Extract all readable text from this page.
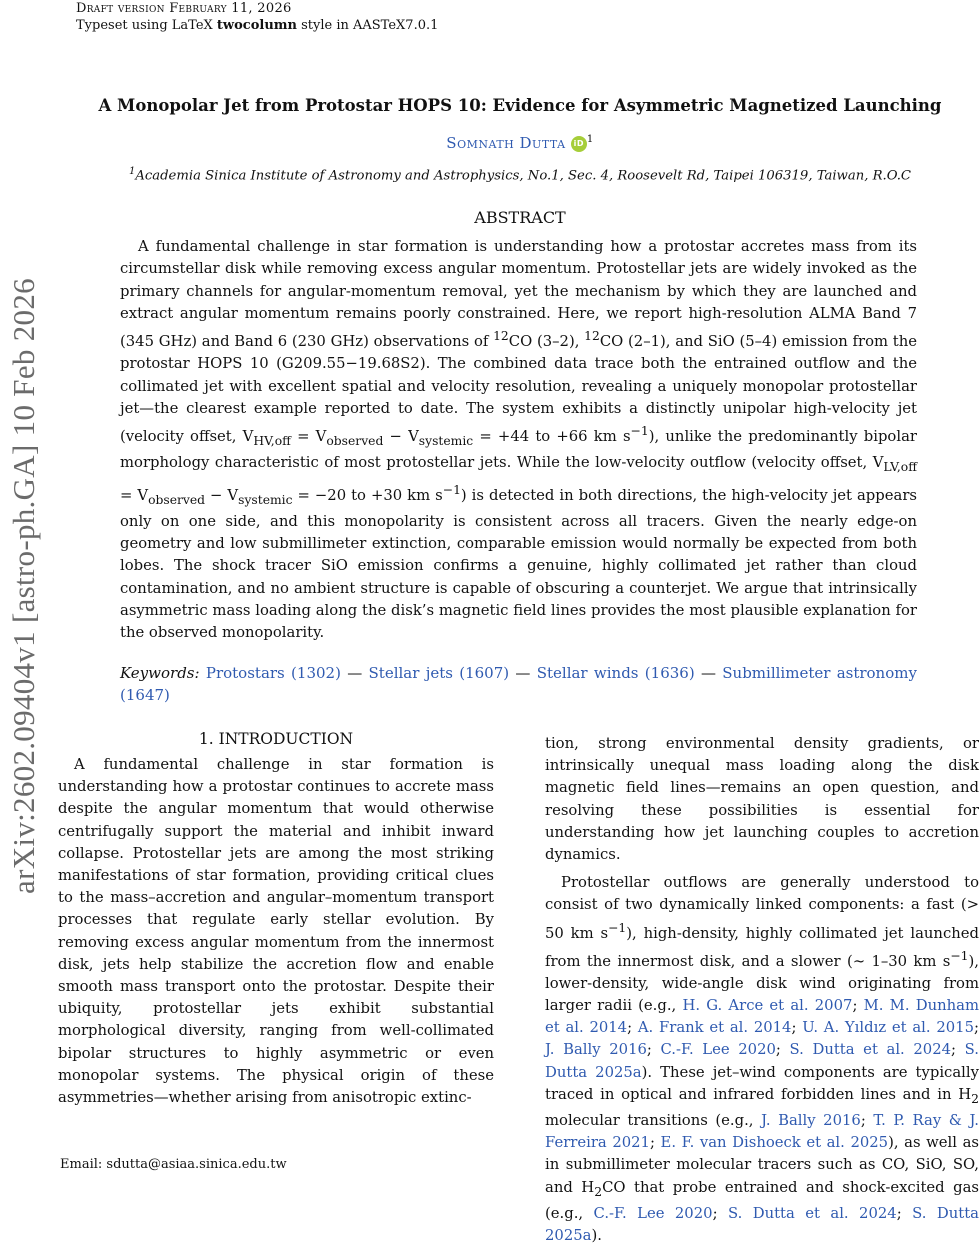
Draft version February 11, 2026
Typeset using LaTeX twocolumn style in AASTeX7.0.1
arXiv:2602.09404v1 [astro-ph.GA] 10 Feb 2026
A Monopolar Jet from Protostar HOPS 10: Evidence for Asymmetric Magnetized Launching
Somnath Dutta iD $^1$
$^1$Academia Sinica Institute of Astronomy and Astrophysics, No.1, Sec. 4, Roosevelt Rd, Taipei 106319, Taiwan, R.O.C
ABSTRACT
A fundamental challenge in star formation is understanding how a protostar accretes mass from its circumstellar disk while removing excess angular momentum. Protostellar jets are widely invoked as the primary channels for angular-momentum removal, yet the mechanism by which they are launched and extract angular momentum remains poorly constrained. Here, we report high-resolution ALMA Band 7 (345 GHz) and Band 6 (230 GHz) observations of $^{12}$CO (3–2), $^{12}$CO (2–1), and SiO (5–4) emission from the protostar HOPS 10 (G209.55−19.68S2). The combined data trace both the entrained outflow and the collimated jet with excellent spatial and velocity resolution, revealing a uniquely monopolar protostellar jet—the clearest example reported to date. The system exhibits a distinctly unipolar high-velocity jet (velocity offset, $V_{HV,off} = V_{observed} - V_{systemic} = +44$ to +66 km $s^{-1}$), unlike the predominantly bipolar morphology characteristic of most protostellar jets. While the low-velocity outflow (velocity offset, $V_{LV,off} = V_{observed} - V_{systemic} = -20$ to +30 km $s^{-1}$) is detected in both directions, the high-velocity jet appears only on one side, and this monopolarity is consistent across all tracers. Given the nearly edge-on geometry and low submillimeter extinction, comparable emission would normally be expected from both lobes. The shock tracer SiO emission confirms a genuine, highly collimated jet rather than cloud contamination, and no ambient structure is capable of obscuring a counterjet. We argue that intrinsically asymmetric mass loading along the disk’s magnetic field lines provides the most plausible explanation for the observed monopolarity.
Keywords: Protostars (1302) — Stellar jets (1607) — Stellar winds (1636) — Submillimeter astronomy (1647)
1. INTRODUCTION

A fundamental challenge in star formation is understanding how a protostar continues to accrete mass despite the angular momentum that would otherwise centrifugally support the material and inhibit inward collapse. Protostellar jets are among the most striking manifestations of star formation, providing critical clues to the mass–accretion and angular–momentum transport processes that regulate early stellar evolution. By removing excess angular momentum from the innermost disk, jets help stabilize the accretion flow and enable smooth mass transport onto the protostar. Despite their ubiquity, protostellar jets exhibit substantial morphological diversity, ranging from well-collimated bipolar structures to highly asymmetric or even monopolar systems. The physical origin of these asymmetries—whether arising from anisotropic extinc-

tion, strong environmental density gradients, or intrinsically unequal mass loading along the disk magnetic field lines—remains an open question, and resolving these possibilities is essential for understanding how jet launching couples to accretion dynamics.

Protostellar outflows are generally understood to consist of two dynamically linked components: a fast (> 50 km $s^{-1}$), high-density, highly collimated jet launched from the innermost disk, and a slower (∼ 1–30 km $s^{-1}$), lower-density, wide-angle disk wind originating from larger radii (e.g., H. G. Arce et al. 2007; M. M. Dunham et al. 2014; A. Frank et al. 2014; U. A. Yıldız et al. 2015; J. Bally 2016; C.-F. Lee 2020; S. Dutta et al. 2024; S. Dutta 2025a). These jet–wind components are typically traced in optical and infrared forbidden lines and in $H_2$ molecular transitions (e.g., J. Bally 2016; T. P. Ray & J. Ferreira 2021; E. F. van Dishoeck et al. 2025), as well as in submillimeter molecular tracers such as CO, SiO, SO, and $H_2CO$ that probe entrained and shock-excited gas (e.g., C.-F. Lee 2020; S. Dutta et al. 2024; S. Dutta 2025a).

Email: sdutta@asiaa.sinica.edu.tw
